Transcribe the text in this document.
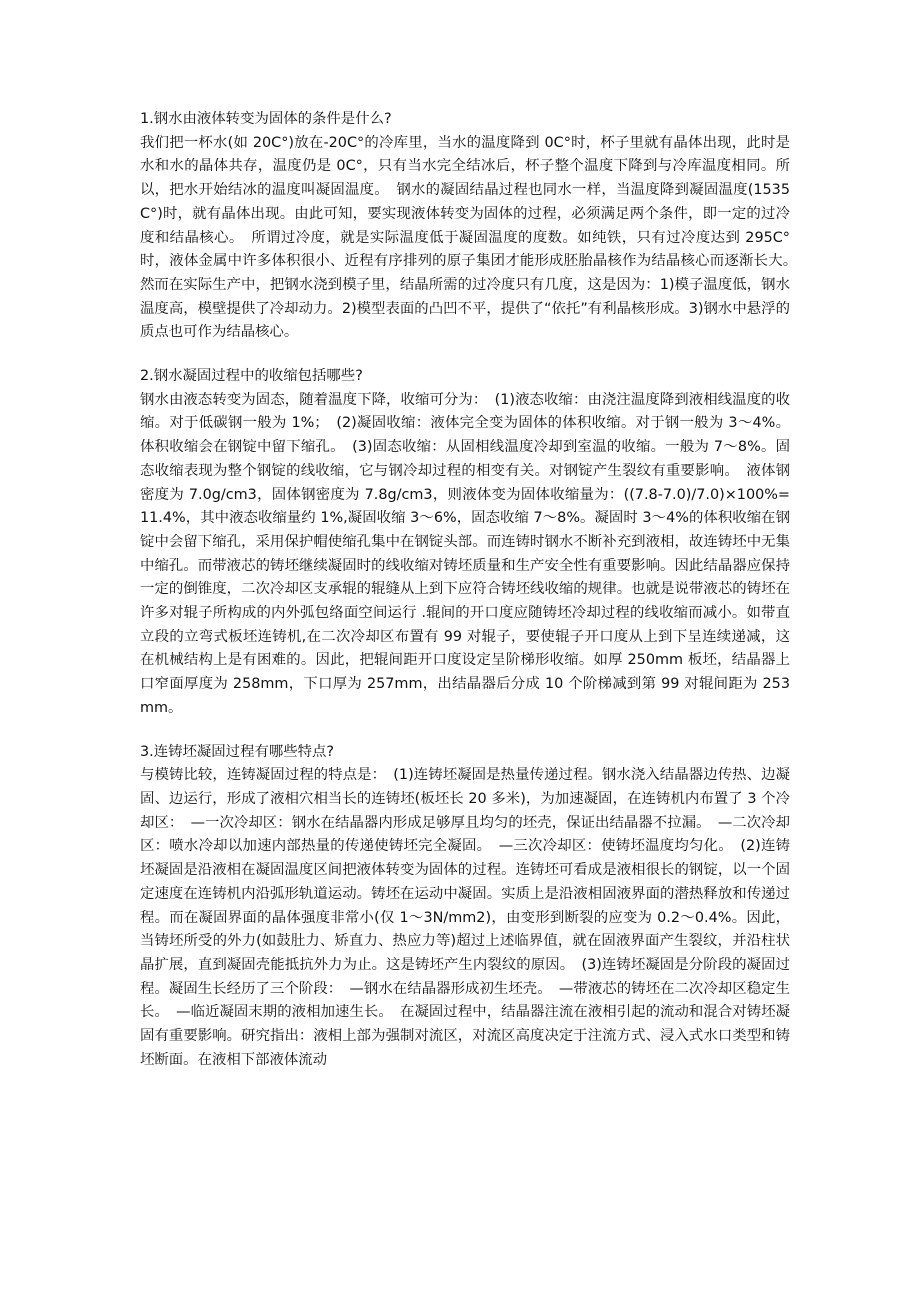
1.钢水由液体转变为固体的条件是什么?

我们把一杯水(如 20C°)放在-20C°的冷库里，当水的温度降到 0C°时，杯子里就有晶体出现，此时是水和水的晶体共存，温度仍是 0C°，只有当水完全结冰后，杯子整个温度下降到与冷库温度相同。所以，把水开始结冰的温度叫凝固温度。　钢水的凝固结晶过程也同水一样，当温度降到凝固温度(1535C°)时，就有晶体出现。由此可知，要实现液体转变为固体的过程，必须满足两个条件，即一定的过冷度和结晶核心。　所谓过冷度，就是实际温度低于凝固温度的度数。如纯铁，只有过冷度达到 295C°时，液体金属中许多体积很小、近程有序排列的原子集团才能形成胚胎晶核作为结晶核心而逐渐长大。　然而在实际生产中，把钢水浇到模子里，结晶所需的过冷度只有几度，这是因为：1)模子温度低，钢水温度高，模壁提供了冷却动力。2)模型表面的凸凹不平，提供了“依托”有利晶核形成。3)钢水中悬浮的质点也可作为结晶核心。

2.钢水凝固过程中的收缩包括哪些?

钢水由液态转变为固态，随着温度下降，收缩可分为：　(1)液态收缩：由浇注温度降到液相线温度的收缩。对于低碳钢一般为 1%；　(2)凝固收缩：液体完全变为固体的体积收缩。对于钢一般为 3～4%。体积收缩会在钢锭中留下缩孔。　(3)固态收缩：从固相线温度冷却到室温的收缩。一般为 7～8%。固态收缩表现为整个钢锭的线收缩，它与钢冷却过程的相变有关。对钢锭产生裂纹有重要影响。　液体钢密度为 7.0g/cm3，固体钢密度为 7.8g/cm3，则液体变为固体收缩量为：((7.8-7.0)/7.0)×100%=11.4%，其中液态收缩量约 1%,凝固收缩 3～6%，固态收缩 7～8%。凝固时 3～4%的体积收缩在钢锭中会留下缩孔，采用保护帽使缩孔集中在钢锭头部。而连铸时钢水不断补充到液相，故连铸坯中无集中缩孔。而带液芯的铸坯继续凝固时的线收缩对铸坯质量和生产安全性有重要影响。因此结晶器应保持一定的倒锥度，二次冷却区支承辊的辊缝从上到下应符合铸坯线收缩的规律。也就是说带液芯的铸坯在许多对辊子所构成的内外弧包络面空间运行 .辊间的开口度应随铸坯冷却过程的线收缩而减小。如带直立段的立弯式板坯连铸机,在二次冷却区布置有 99 对辊子，要使辊子开口度从上到下呈连续递减，这在机械结构上是有困难的。因此，把辊间距开口度设定呈阶梯形收缩。如厚 250mm 板坯，结晶器上口窄面厚度为 258mm，下口厚为 257mm，出结晶器后分成 10 个阶梯减到第 99 对辊间距为 253mm。

3.连铸坯凝固过程有哪些特点?

与模铸比较，连铸凝固过程的特点是：　(1)连铸坯凝固是热量传递过程。钢水浇入结晶器边传热、边凝固、边运行，形成了液相穴相当长的连铸坯(板坯长 20 多米)，为加速凝固，在连铸机内布置了 3 个冷却区：　—一次冷却区：钢水在结晶器内形成足够厚且均匀的坯壳，保证出结晶器不拉漏。　—二次冷却区：喷水冷却以加速内部热量的传递使铸坯完全凝固。　—三次冷却区：使铸坯温度均匀化。　(2)连铸坯凝固是沿液相在凝固温度区间把液体转变为固体的过程。连铸坯可看成是液相很长的钢锭，以一个固定速度在连铸机内沿弧形轨道运动。铸坯在运动中凝固。实质上是沿液相固液界面的潜热释放和传递过程。而在凝固界面的晶体强度非常小(仅 1～3N/mm2)，由变形到断裂的应变为 0.2～0.4%。因此，当铸坯所受的外力(如鼓肚力、矫直力、热应力等)超过上述临界值，就在固液界面产生裂纹，并沿柱状晶扩展，直到凝固壳能抵抗外力为止。这是铸坯产生内裂纹的原因。　(3)连铸坯凝固是分阶段的凝固过程。凝固生长经历了三个阶段：　—钢水在结晶器形成初生坯壳。　—带液芯的铸坯在二次冷却区稳定生长。　—临近凝固末期的液相加速生长。　在凝固过程中，结晶器注流在液相引起的流动和混合对铸坯凝固有重要影响。研究指出：液相上部为强制对流区，对流区高度决定于注流方式、浸入式水口类型和铸坯断面。在液相下部液体流动
